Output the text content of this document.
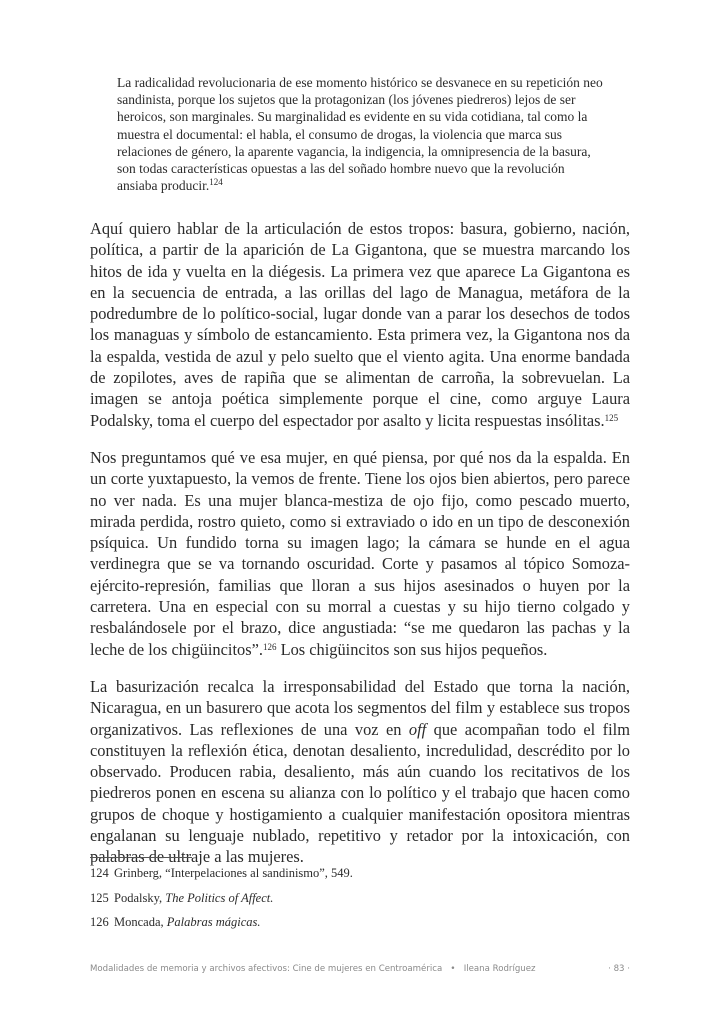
La radicalidad revolucionaria de ese momento histórico se desvanece en su repetición neo sandinista, porque los sujetos que la protagonizan (los jóvenes piedreros) lejos de ser heroicos, son marginales. Su marginalidad es evidente en su vida cotidiana, tal como la muestra el documental: el habla, el consumo de drogas, la violencia que marca sus relaciones de género, la aparente vagancia, la indigencia, la omnipresencia de la basura, son todas características opuestas a las del soñado hombre nuevo que la revolución ansiaba producir.$^{124}$

Aquí quiero hablar de la articulación de estos tropos: basura, gobierno, nación, política, a partir de la aparición de La Gigantona, que se muestra marcando los hitos de ida y vuelta en la diégesis. La primera vez que aparece La Gigantona es en la secuencia de entrada, a las orillas del lago de Managua, metáfora de la podredumbre de lo político-social, lugar donde van a parar los desechos de todos los managuas y símbolo de estancamiento. Esta primera vez, la Gigantona nos da la espalda, vestida de azul y pelo suelto que el viento agita. Una enorme bandada de zopilotes, aves de rapiña que se alimentan de carroña, la sobrevuelan. La imagen se antoja poética simplemente porque el cine, como arguye Laura Podalsky, toma el cuerpo del espectador por asalto y licita respuestas insólitas.$^{125}$

Nos preguntamos qué ve esa mujer, en qué piensa, por qué nos da la espalda. En un corte yuxtapuesto, la vemos de frente. Tiene los ojos bien abiertos, pero parece no ver nada. Es una mujer blanca-mestiza de ojo fijo, como pescado muerto, mirada perdida, rostro quieto, como si extraviado o ido en un tipo de desconexión psíquica. Un fundido torna su imagen lago; la cámara se hunde en el agua verdinegra que se va tornando oscuridad. Corte y pasamos al tópico Somoza-ejército-represión, familias que lloran a sus hijos asesinados o huyen por la carretera. Una en especial con su morral a cuestas y su hijo tierno colgado y resbalándosele por el brazo, dice angustiada: “se me quedaron las pachas y la leche de los chigüincitos”.$^{126}$ Los chigüincitos son sus hijos pequeños.

La basurización recalca la irresponsabilidad del Estado que torna la nación, Nicaragua, en un basurero que acota los segmentos del film y establece sus tropos organizativos. Las reflexiones de una voz en off que acompañan todo el film constituyen la reflexión ética, denotan desaliento, incredulidad, descrédito por lo observado. Producen rabia, desaliento, más aún cuando los recitativos de los piedreros ponen en escena su alianza con lo político y el trabajo que hacen como grupos de choque y hostigamiento a cualquier manifestación opositora mientras engalanan su lenguaje nublado, repetitivo y retador por la intoxicación, con palabras de ultraje a las mujeres.

124 Grinberg, “Interpelaciones al sandinismo”, 549.
125 Podalsky, The Politics of Affect.
126 Moncada, Palabras mágicas.
Modalidades de memoria y archivos afectivos: Cine de mujeres en Centroamérica   •   Ileana Rodríguez	· 83 ·
